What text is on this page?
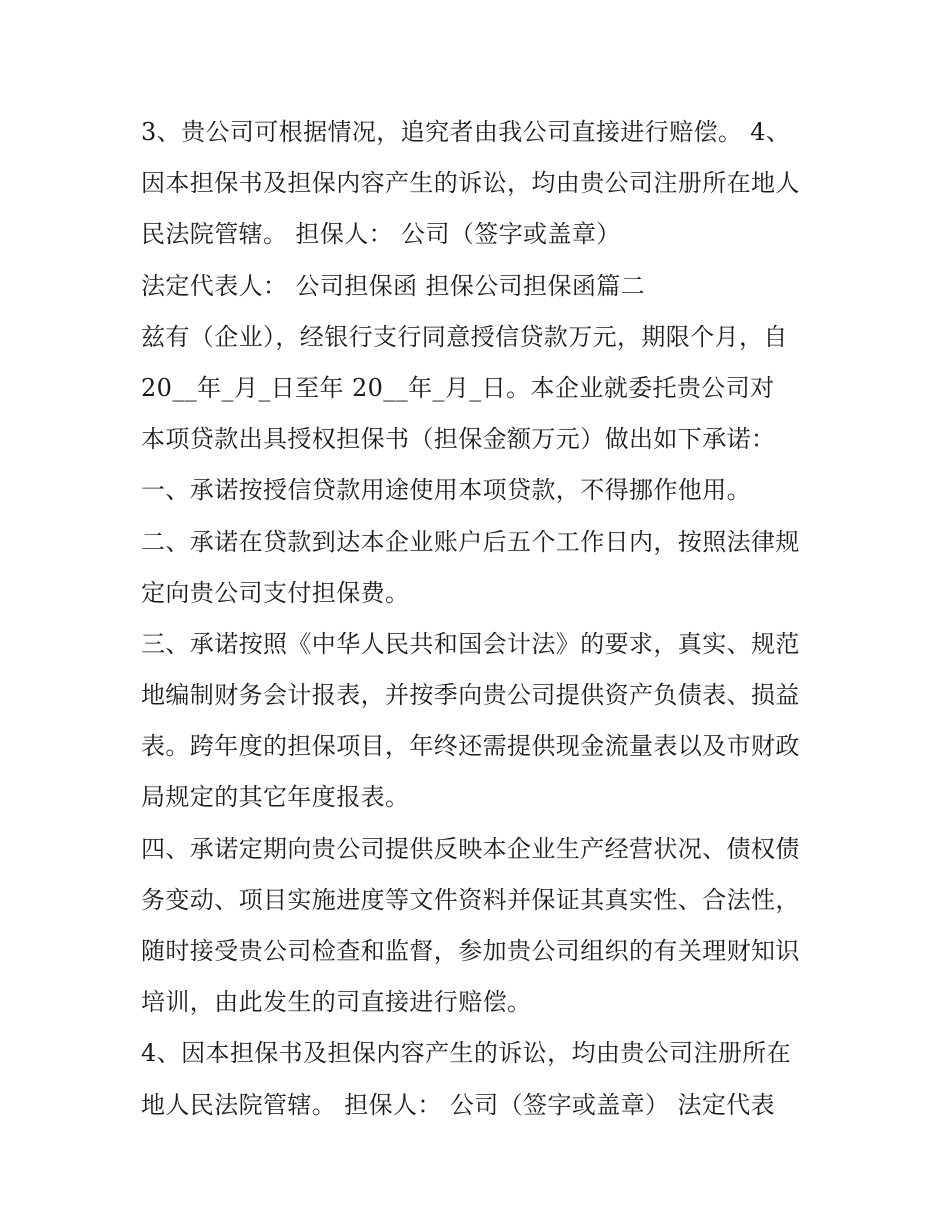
3、贵公司可根据情况，追究者由我公司直接进行赔偿。 4、
因本担保书及担保内容产生的诉讼，均由贵公司注册所在地人
民法院管辖。 担保人： 公司（签字或盖章）
法定代表人： 公司担保函 担保公司担保函篇二
兹有（企业），经银行支行同意授信贷款万元，期限个月，自
20__年_月_日至年 20__年_月_日。本企业就委托贵公司对
本项贷款出具授权担保书（担保金额万元）做出如下承诺：
一、承诺按授信贷款用途使用本项贷款，不得挪作他用。
二、承诺在贷款到达本企业账户后五个工作日内，按照法律规
定向贵公司支付担保费。
三、承诺按照《中华人民共和国会计法》的要求，真实、规范
地编制财务会计报表，并按季向贵公司提供资产负债表、损益
表。跨年度的担保项目，年终还需提供现金流量表以及市财政
局规定的其它年度报表。
四、承诺定期向贵公司提供反映本企业生产经营状况、债权债
务变动、项目实施进度等文件资料并保证其真实性、合法性，
随时接受贵公司检查和监督，参加贵公司组织的有关理财知识
培训，由此发生的司直接进行赔偿。
4、因本担保书及担保内容产生的诉讼，均由贵公司注册所在
地人民法院管辖。 担保人： 公司（签字或盖章） 法定代表
